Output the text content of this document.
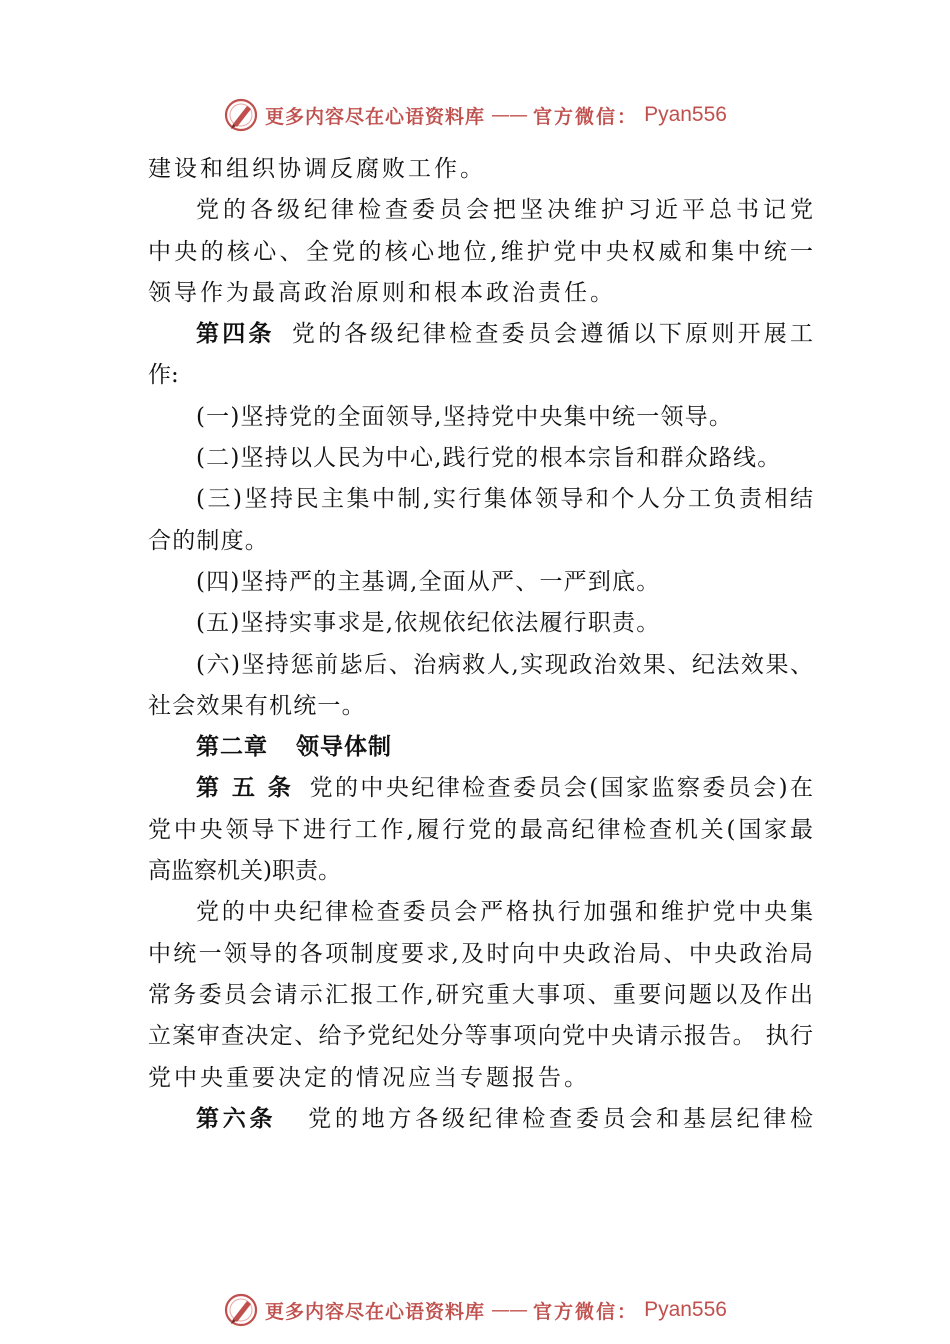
更多内容尽在心语资料库 —— 官方微信： Pyan556
建设和组织协调反腐败工作。
党的各级纪律检查委员会把坚决维护习近平总书记党
中央的核心、全党的核心地位,维护党中央权威和集中统一
领导作为最高政治原则和根本政治责任。
第四条 党的各级纪律检查委员会遵循以下原则开展工
作:
(一)坚持党的全面领导,坚持党中央集中统一领导。
(二)坚持以人民为中心,践行党的根本宗旨和群众路线。
(三)坚持民主集中制,实行集体领导和个人分工负责相结
合的制度。
(四)坚持严的主基调,全面从严、一严到底。
(五)坚持实事求是,依规依纪依法履行职责。
(六)坚持惩前毖后、治病救人,实现政治效果、纪法效果、
社会效果有机统一。
第二章 领导体制
第 五 条 党的中央纪律检查委员会(国家监察委员会)在
党中央领导下进行工作,履行党的最高纪律检查机关(国家最
高监察机关)职责。
党的中央纪律检查委员会严格执行加强和维护党中央集
中统一领导的各项制度要求,及时向中央政治局、中央政治局
常务委员会请示汇报工作,研究重大事项、重要问题以及作出
立案审查决定、给予党纪处分等事项向党中央请示报告。 执行
党中央重要决定的情况应当专题报告。
第六条 党的地方各级纪律检查委员会和基层纪律检
更多内容尽在心语资料库 —— 官方微信： Pyan556
